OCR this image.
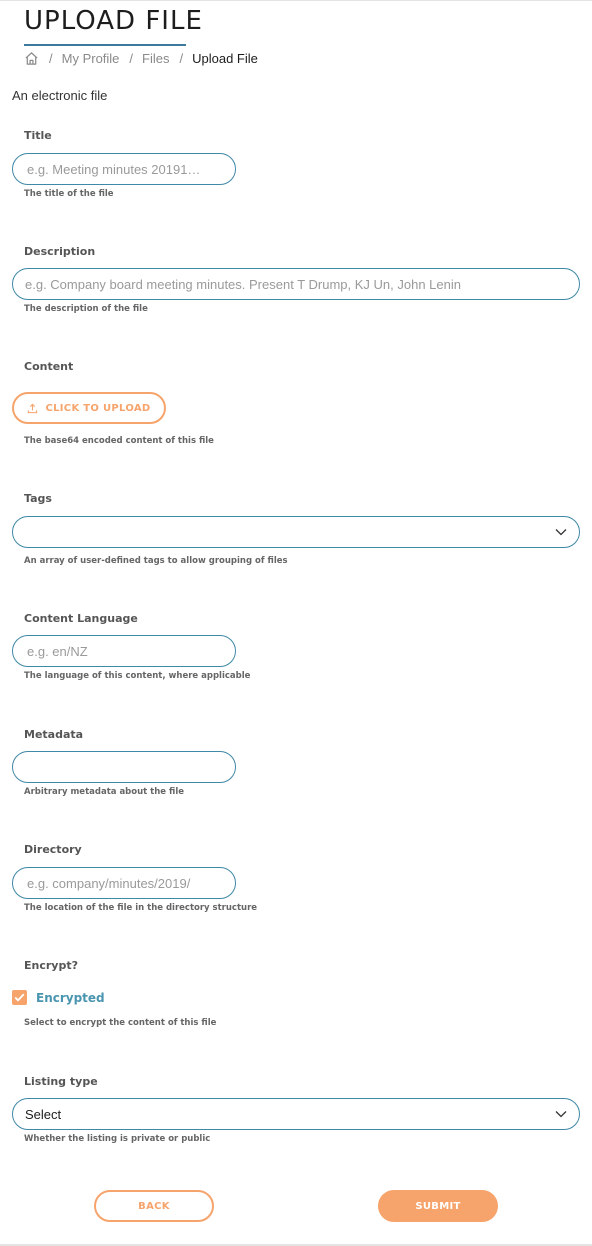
UPLOAD FILE
/ My Profile / Files / Upload File
An electronic file
Title
e.g. Meeting minutes 20191…
The title of the file
Description
e.g. Company board meeting minutes. Present T Drump, KJ Un, John Lenin
The description of the file
Content
CLICK TO UPLOAD
The base64 encoded content of this file
Tags
An array of user-defined tags to allow grouping of files
Content Language
e.g. en/NZ
The language of this content, where applicable
Metadata
Arbitrary metadata about the file
Directory
e.g. company/minutes/2019/
The location of the file in the directory structure
Encrypt?
Encrypted
Select to encrypt the content of this file
Listing type
Select
Whether the listing is private or public
BACK	SUBMIT
